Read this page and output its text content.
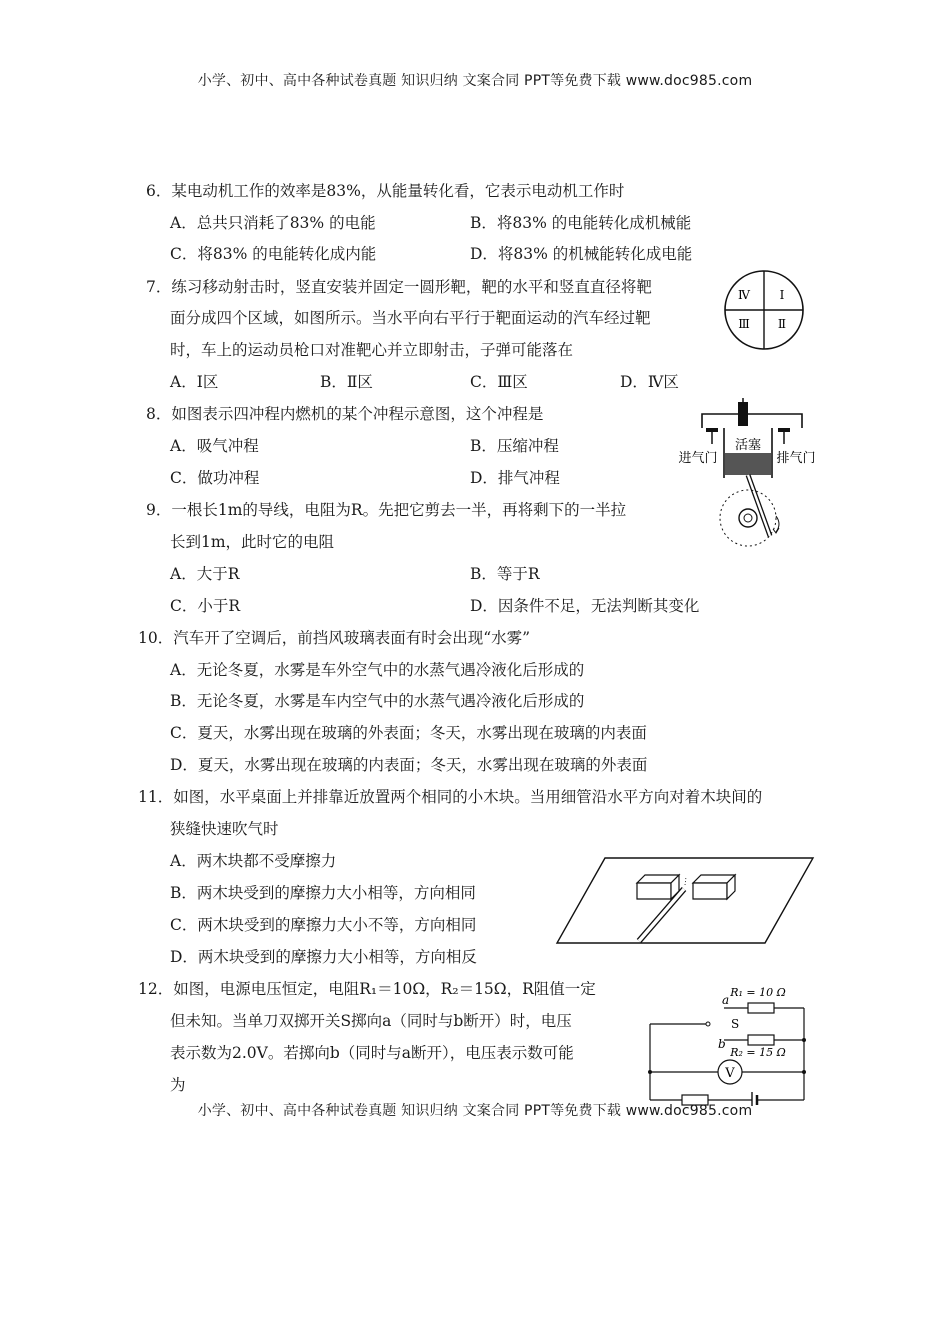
小学、初中、高中各种试卷真题 知识归纳 文案合同 PPT等免费下载 www.doc985.com
6．某电动机工作的效率是83%，从能量转化看，它表示电动机工作时
A．总共只消耗了83% 的电能	B．将83% 的电能转化成机械能
C．将83% 的电能转化成内能	D．将83% 的机械能转化成电能
7．练习移动射击时，竖直安装并固定一圆形靶，靶的水平和竖直直径将靶
面分成四个区域，如图所示。当水平向右平行于靶面运动的汽车经过靶
时，车上的运动员枪口对准靶心并立即射击，子弹可能落在
A．Ⅰ区	B．Ⅱ区	C．Ⅲ区	D．Ⅳ区
Ⅳ Ⅰ
Ⅲ Ⅱ
8．如图表示四冲程内燃机的某个冲程示意图，这个冲程是
A．吸气冲程	B．压缩冲程
C．做功冲程	D．排气冲程
活塞
进气门	排气门
9．一根长1m的导线，电阻为R。先把它剪去一半，再将剩下的一半拉
长到1m，此时它的电阻
A．大于R	B．等于R
C．小于R	D．因条件不足，无法判断其变化
10．汽车开了空调后，前挡风玻璃表面有时会出现“水雾”
A．无论冬夏，水雾是车外空气中的水蒸气遇冷液化后形成的
B．无论冬夏，水雾是车内空气中的水蒸气遇冷液化后形成的
C．夏天，水雾出现在玻璃的外表面；冬天，水雾出现在玻璃的内表面
D．夏天，水雾出现在玻璃的内表面；冬天，水雾出现在玻璃的外表面
11．如图，水平桌面上并排靠近放置两个相同的小木块。当用细管沿水平方向对着木块间的
狭缝快速吹气时
A．两木块都不受摩擦力
B．两木块受到的摩擦力大小相等，方向相同
C．两木块受到的摩擦力大小不等，方向相同
D．两木块受到的摩擦力大小相等，方向相反
12．如图，电源电压恒定，电阻R₁＝10Ω，R₂＝15Ω，R阻值一定
但未知。当单刀双掷开关S掷向a（同时与b断开）时，电压
表示数为2.0V。若掷向b（同时与a断开），电压表示数可能
为
R₁ = 10 Ω
a
b
S
R₂ = 15 Ω
V
小学、初中、高中各种试卷真题 知识归纳 文案合同 PPT等免费下载 www.doc985.com
